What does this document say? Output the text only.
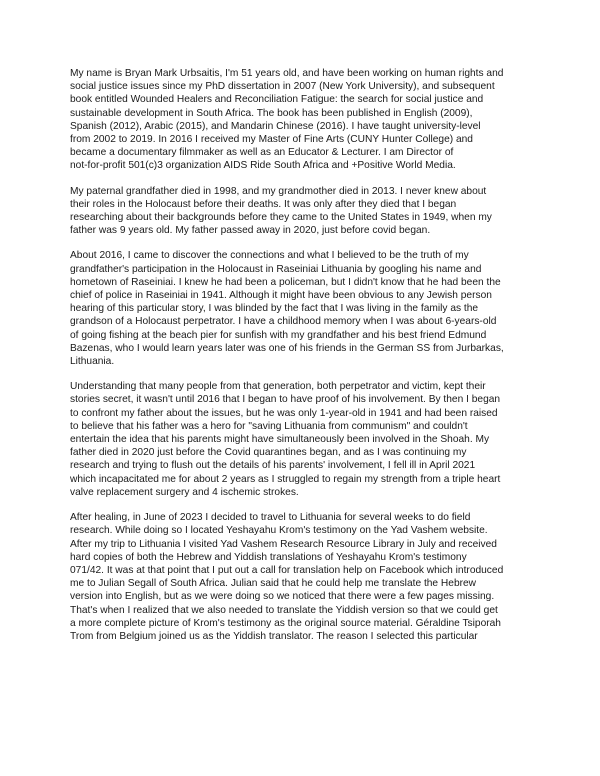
My name is Bryan Mark Urbsaitis, I'm 51 years old, and have been working on human rights and
social justice issues since my PhD dissertation in 2007 (New York University), and subsequent
book entitled Wounded Healers and Reconciliation Fatigue: the search for social justice and
sustainable development in South Africa. The book has been published in English (2009),
Spanish (2012), Arabic (2015), and Mandarin Chinese (2016). I have taught university-level
from 2002 to 2019. In 2016 I received my Master of Fine Arts (CUNY Hunter College) and
became a documentary filmmaker as well as an Educator & Lecturer. I am Director of
not-for-profit 501(c)3 organization AIDS Ride South Africa and +Positive World Media.
My paternal grandfather died in 1998, and my grandmother died in 2013. I never knew about
their roles in the Holocaust before their deaths. It was only after they died that I began
researching about their backgrounds before they came to the United States in 1949, when my
father was 9 years old. My father passed away in 2020, just before covid began.
About 2016, I came to discover the connections and what I believed to be the truth of my
grandfather's participation in the Holocaust in Raseiniai Lithuania by googling his name and
hometown of Raseiniai. I knew he had been a policeman, but I didn't know that he had been the
chief of police in Raseiniai in 1941. Although it might have been obvious to any Jewish person
hearing of this particular story, I was blinded by the fact that I was living in the family as the
grandson of a Holocaust perpetrator. I have a childhood memory when I was about 6-years-old
of going fishing at the beach pier for sunfish with my grandfather and his best friend Edmund
Bazenas, who I would learn years later was one of his friends in the German SS from Jurbarkas,
Lithuania.
Understanding that many people from that generation, both perpetrator and victim, kept their
stories secret, it wasn't until 2016 that I began to have proof of his involvement. By then I began
to confront my father about the issues, but he was only 1-year-old in 1941 and had been raised
to believe that his father was a hero for "saving Lithuania from communism" and couldn't
entertain the idea that his parents might have simultaneously been involved in the Shoah. My
father died in 2020 just before the Covid quarantines began, and as I was continuing my
research and trying to flush out the details of his parents' involvement, I fell ill in April 2021
which incapacitated me for about 2 years as I struggled to regain my strength from a triple heart
valve replacement surgery and 4 ischemic strokes.
After healing, in June of 2023 I decided to travel to Lithuania for several weeks to do field
research. While doing so I located Yeshayahu Krom's testimony on the Yad Vashem website.
After my trip to Lithuania I visited Yad Vashem Research Resource Library in July and received
hard copies of both the Hebrew and Yiddish translations of Yeshayahu Krom's testimony
071/42. It was at that point that I put out a call for translation help on Facebook which introduced
me to Julian Segall of South Africa. Julian said that he could help me translate the Hebrew
version into English, but as we were doing so we noticed that there were a few pages missing.
That's when I realized that we also needed to translate the Yiddish version so that we could get
a more complete picture of Krom's testimony as the original source material. Géraldine Tsiporah
Trom from Belgium joined us as the Yiddish translator. The reason I selected this particular
